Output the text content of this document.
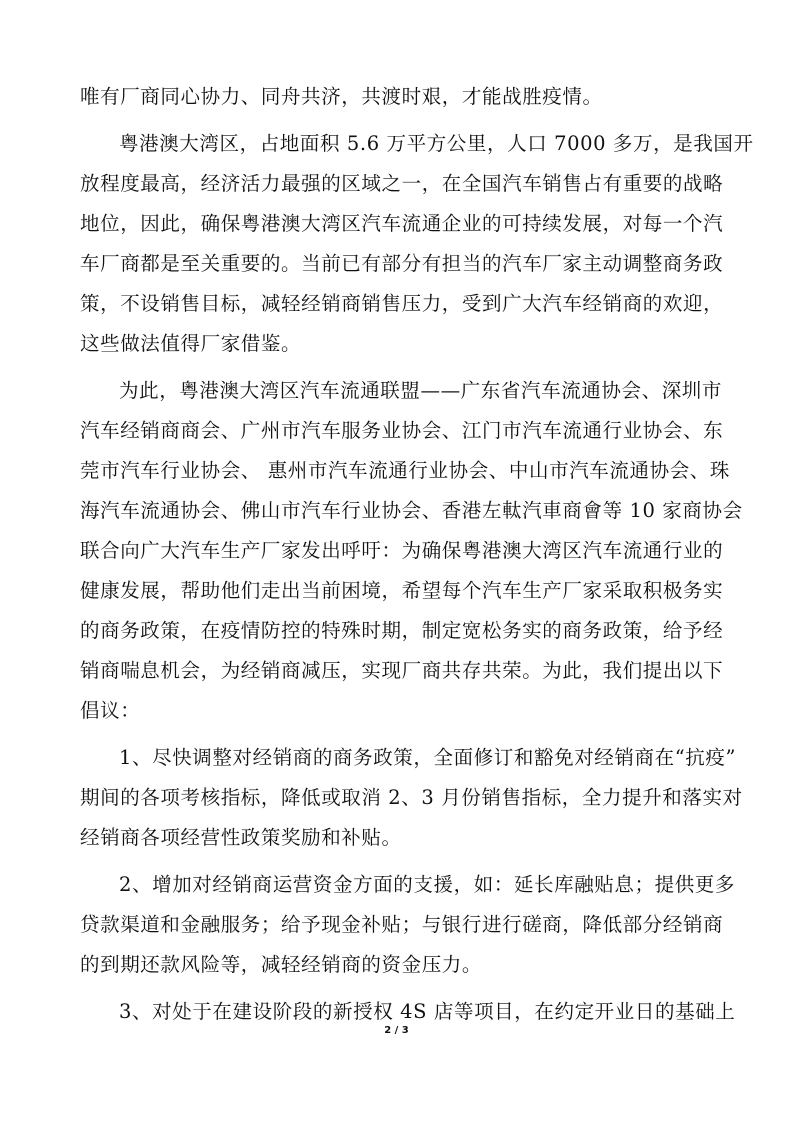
唯有厂商同心协力、同舟共济，共渡时艰，才能战胜疫情。
粤港澳大湾区，占地面积 5.6 万平方公里，人口 7000 多万，是我国开
放程度最高，经济活力最强的区域之一，在全国汽车销售占有重要的战略
地位，因此，确保粤港澳大湾区汽车流通企业的可持续发展，对每一个汽
车厂商都是至关重要的。当前已有部分有担当的汽车厂家主动调整商务政
策，不设销售目标，减轻经销商销售压力，受到广大汽车经销商的欢迎，
这些做法值得厂家借鉴。
为此，粤港澳大湾区汽车流通联盟——广东省汽车流通协会、深圳市
汽车经销商商会、广州市汽车服务业协会、江门市汽车流通行业协会、东
莞市汽车行业协会、 惠州市汽车流通行业协会、中山市汽车流通协会、珠
海汽车流通协会、佛山市汽车行业协会、香港左軚汽車商會等 10 家商协会
联合向广大汽车生产厂家发出呼吁：为确保粤港澳大湾区汽车流通行业的
健康发展，帮助他们走出当前困境，希望每个汽车生产厂家采取积极务实
的商务政策，在疫情防控的特殊时期，制定宽松务实的商务政策，给予经
销商喘息机会，为经销商减压，实现厂商共存共荣。为此，我们提出以下
倡议：
1、尽快调整对经销商的商务政策，全面修订和豁免对经销商在“抗疫”
期间的各项考核指标，降低或取消 2、3 月份销售指标，全力提升和落实对
经销商各项经营性政策奖励和补贴。
2、增加对经销商运营资金方面的支援，如：延长库融贴息；提供更多
贷款渠道和金融服务；给予现金补贴；与银行进行磋商，降低部分经销商
的到期还款风险等，减轻经销商的资金压力。
3、对处于在建设阶段的新授权 4S 店等项目，在约定开业日的基础上
2 / 3
